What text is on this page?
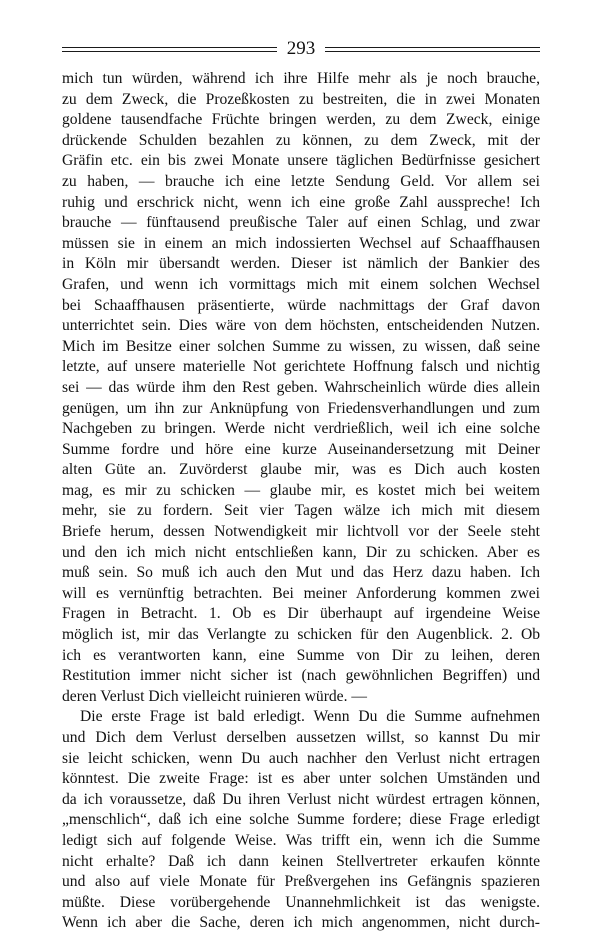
293
mich tun würden, während ich ihre Hilfe mehr als je noch brauche,
zu dem Zweck, die Prozeßkosten zu bestreiten, die in zwei Monaten
goldene tausendfache Früchte bringen werden, zu dem Zweck, einige
drückende Schulden bezahlen zu können, zu dem Zweck, mit der
Gräfin etc. ein bis zwei Monate unsere täglichen Bedürfnisse gesichert
zu haben, — brauche ich eine letzte Sendung Geld. Vor allem sei
ruhig und erschrick nicht, wenn ich eine große Zahl ausspreche! Ich
brauche — fünftausend preußische Taler auf einen Schlag, und zwar
müssen sie in einem an mich indossierten Wechsel auf Schaaffhausen
in Köln mir übersandt werden. Dieser ist nämlich der Bankier des
Grafen, und wenn ich vormittags mich mit einem solchen Wechsel
bei Schaaffhausen präsentierte, würde nachmittags der Graf davon
unterrichtet sein. Dies wäre von dem höchsten, entscheidenden Nutzen.
Mich im Besitze einer solchen Summe zu wissen, zu wissen, daß seine
letzte, auf unsere materielle Not gerichtete Hoffnung falsch und nichtig
sei — das würde ihm den Rest geben. Wahrscheinlich würde dies allein
genügen, um ihn zur Anknüpfung von Friedensverhandlungen und zum
Nachgeben zu bringen. Werde nicht verdrießlich, weil ich eine solche
Summe fordre und höre eine kurze Auseinandersetzung mit Deiner
alten Güte an. Zuvörderst glaube mir, was es Dich auch kosten
mag, es mir zu schicken — glaube mir, es kostet mich bei weitem
mehr, sie zu fordern. Seit vier Tagen wälze ich mich mit diesem
Briefe herum, dessen Notwendigkeit mir lichtvoll vor der Seele steht
und den ich mich nicht entschließen kann, Dir zu schicken. Aber es
muß sein. So muß ich auch den Mut und das Herz dazu haben. Ich
will es vernünftig betrachten. Bei meiner Anforderung kommen zwei
Fragen in Betracht. 1. Ob es Dir überhaupt auf irgendeine Weise
möglich ist, mir das Verlangte zu schicken für den Augenblick. 2. Ob
ich es verantworten kann, eine Summe von Dir zu leihen, deren
Restitution immer nicht sicher ist (nach gewöhnlichen Begriffen) und
deren Verlust Dich vielleicht ruinieren würde. —
Die erste Frage ist bald erledigt. Wenn Du die Summe aufnehmen
und Dich dem Verlust derselben aussetzen willst, so kannst Du mir
sie leicht schicken, wenn Du auch nachher den Verlust nicht ertragen
könntest. Die zweite Frage: ist es aber unter solchen Umständen und
da ich voraussetze, daß Du ihren Verlust nicht würdest ertragen können,
„menschlich“, daß ich eine solche Summe fordere; diese Frage erledigt
ledigt sich auf folgende Weise. Was trifft ein, wenn ich die Summe
nicht erhalte? Daß ich dann keinen Stellvertreter erkaufen könnte
und also auf viele Monate für Preßvergehen ins Gefängnis spazieren
müßte. Diese vorübergehende Unannehmlichkeit ist das wenigste.
Wenn ich aber die Sache, deren ich mich angenommen, nicht durch-
